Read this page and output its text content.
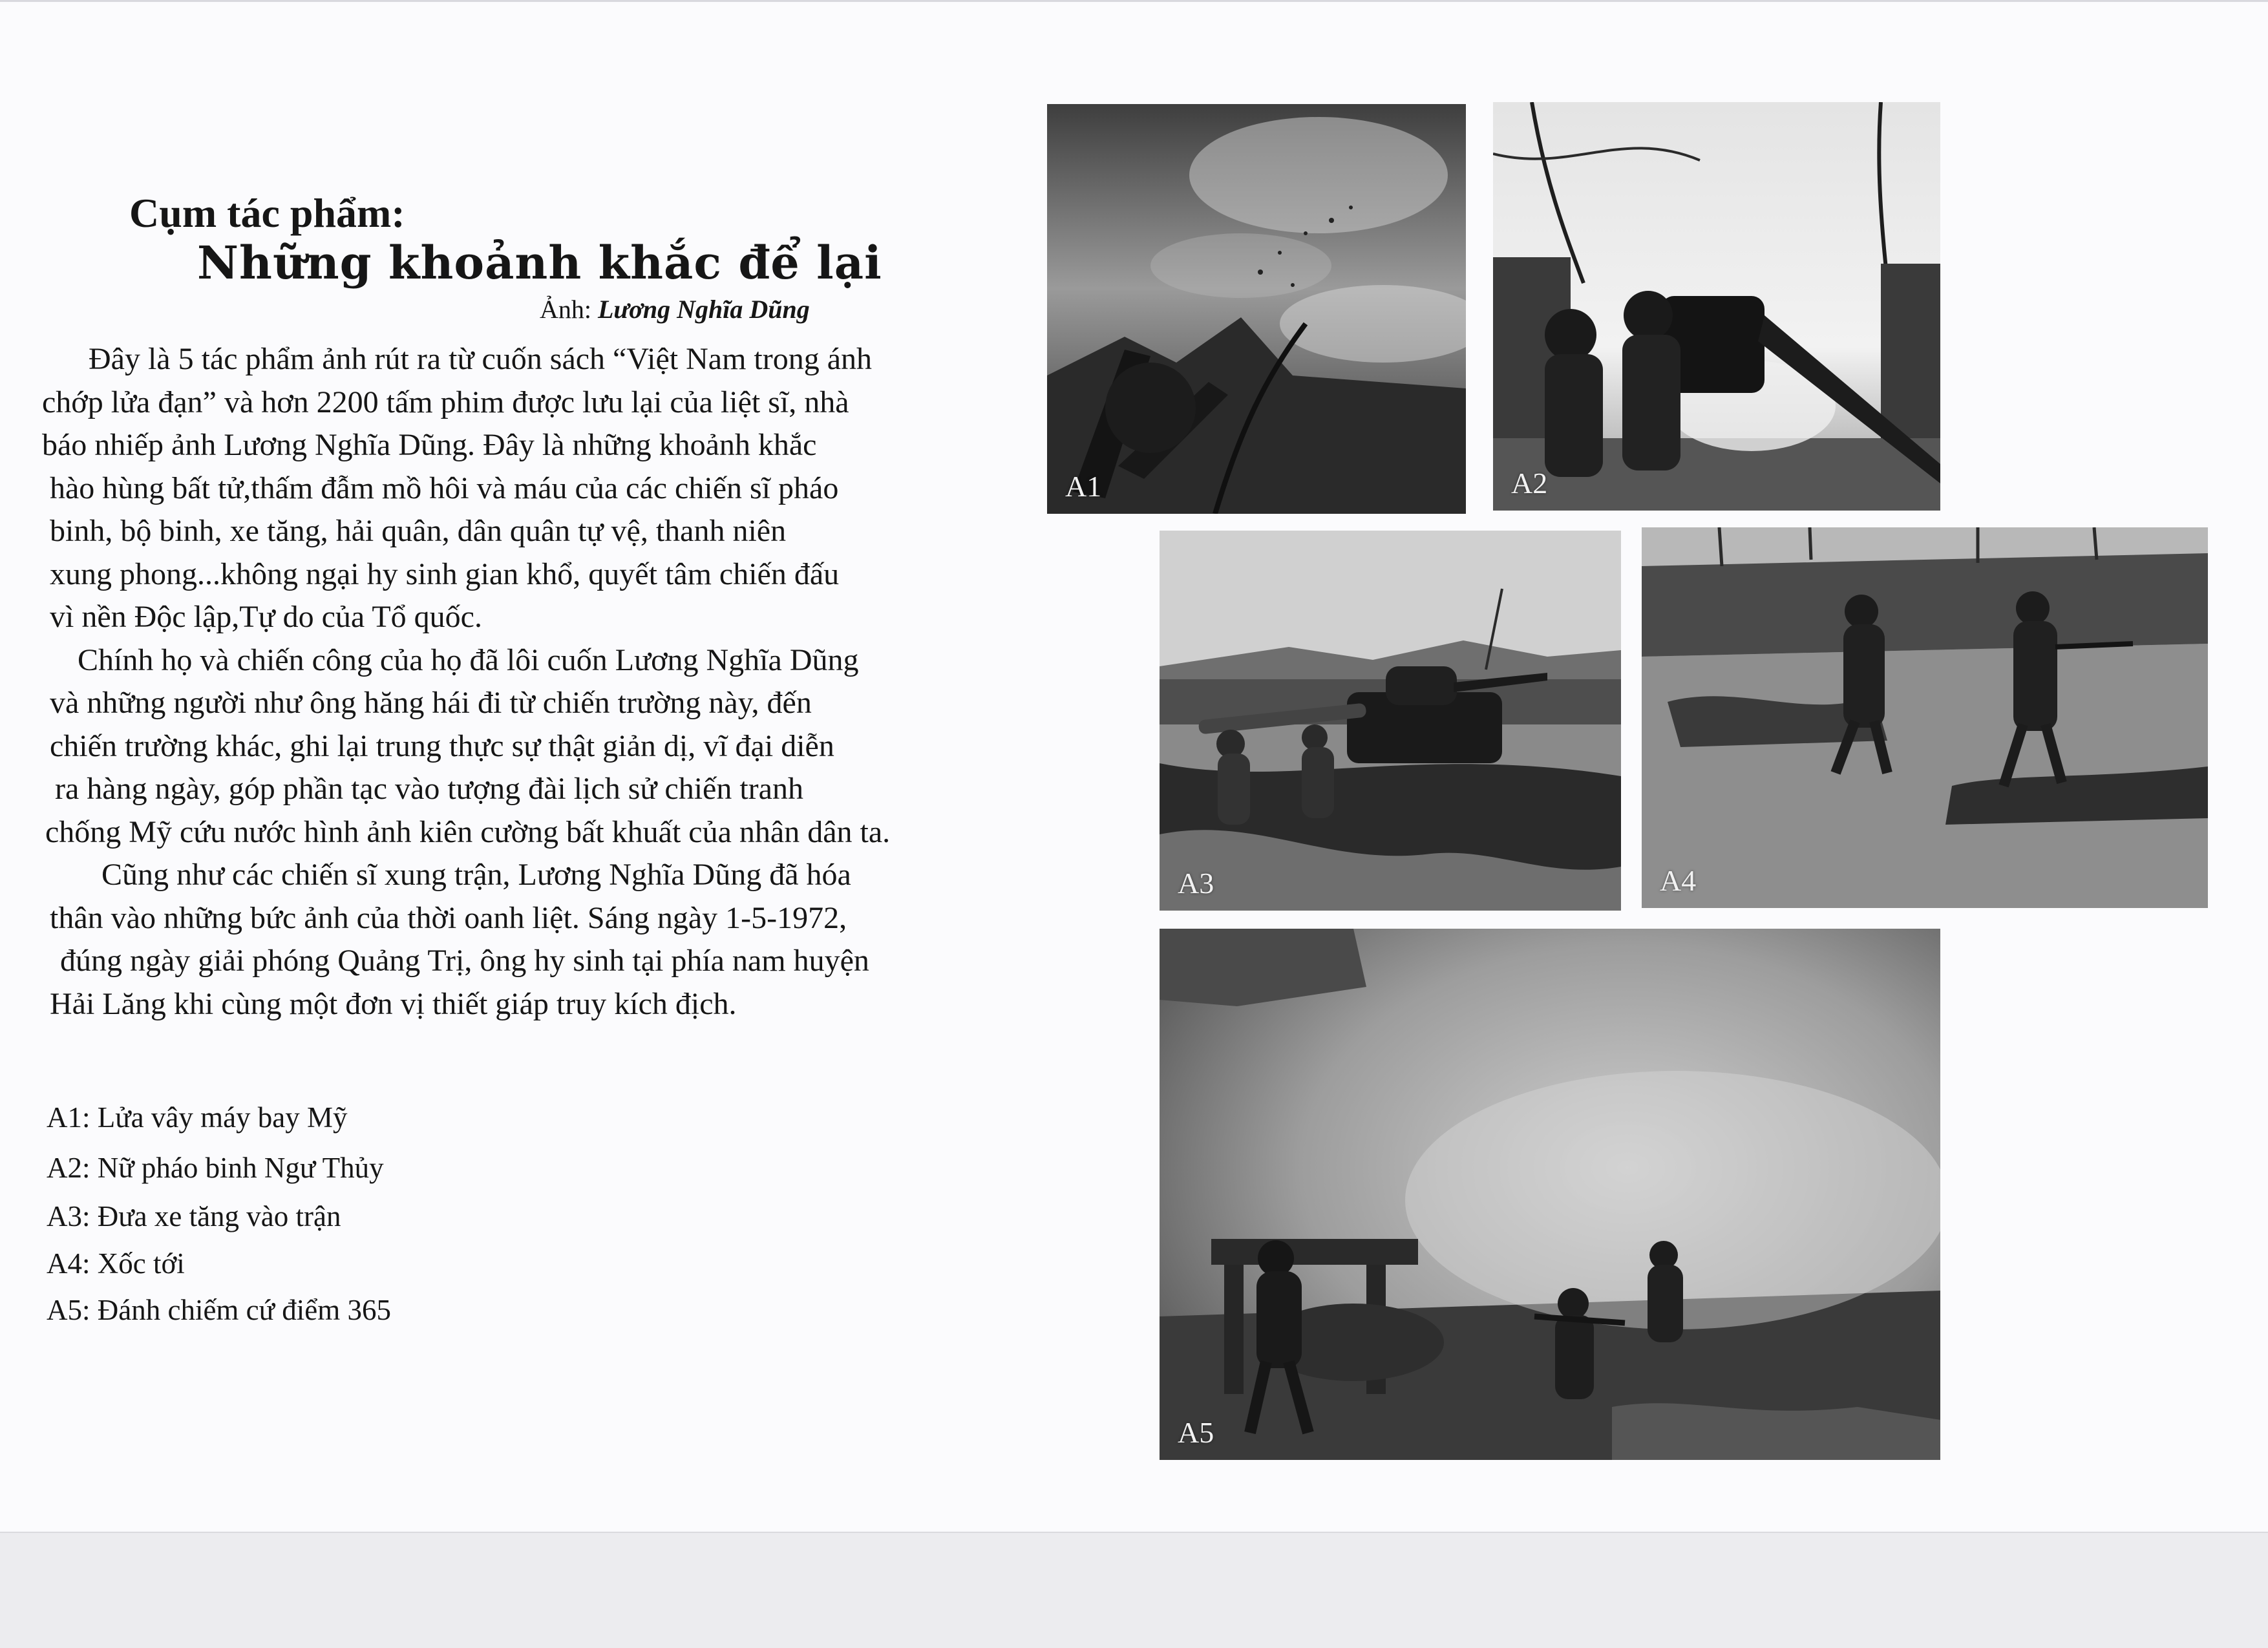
Cụm tác phẩm:
Những khoảnh khắc để lại
Ảnh: Lương Nghĩa Dũng
Đây là 5 tác phẩm ảnh rút ra từ cuốn sách “Việt Nam trong ánh
chớp lửa đạn” và hơn 2200 tấm phim được lưu lại của liệt sĩ, nhà
báo nhiếp ảnh Lương Nghĩa Dũng. Đây là những khoảnh khắc
hào hùng bất tử,thấm đẫm mồ hôi và máu của các chiến sĩ pháo
binh, bộ binh, xe tăng, hải quân, dân quân tự vệ, thanh niên
xung phong...không ngại hy sinh gian khổ, quyết tâm chiến đấu
vì nền Độc lập,Tự do của Tổ quốc.
Chính họ và chiến công của họ đã lôi cuốn Lương Nghĩa Dũng
và những người như ông hăng hái đi từ chiến trường này, đến
chiến trường khác, ghi lại trung thực sự thật giản dị, vĩ đại diễn
ra hàng ngày, góp phần tạc vào tượng đài lịch sử chiến tranh
chống Mỹ cứu nước hình ảnh kiên cường bất khuất của nhân dân ta.
Cũng như các chiến sĩ xung trận, Lương Nghĩa Dũng đã hóa
thân vào những bức ảnh của thời oanh liệt. Sáng ngày 1-5-1972,
đúng ngày giải phóng Quảng Trị, ông hy sinh tại phía nam huyện
Hải Lăng khi cùng một đơn vị thiết giáp truy kích địch.
A1: Lửa vây máy bay Mỹ
A2: Nữ pháo binh Ngư Thủy
A3: Đưa xe tăng vào trận
A4: Xốc tới
A5: Đánh chiếm cứ điểm 365
A1	A2
A3	A4
A5
